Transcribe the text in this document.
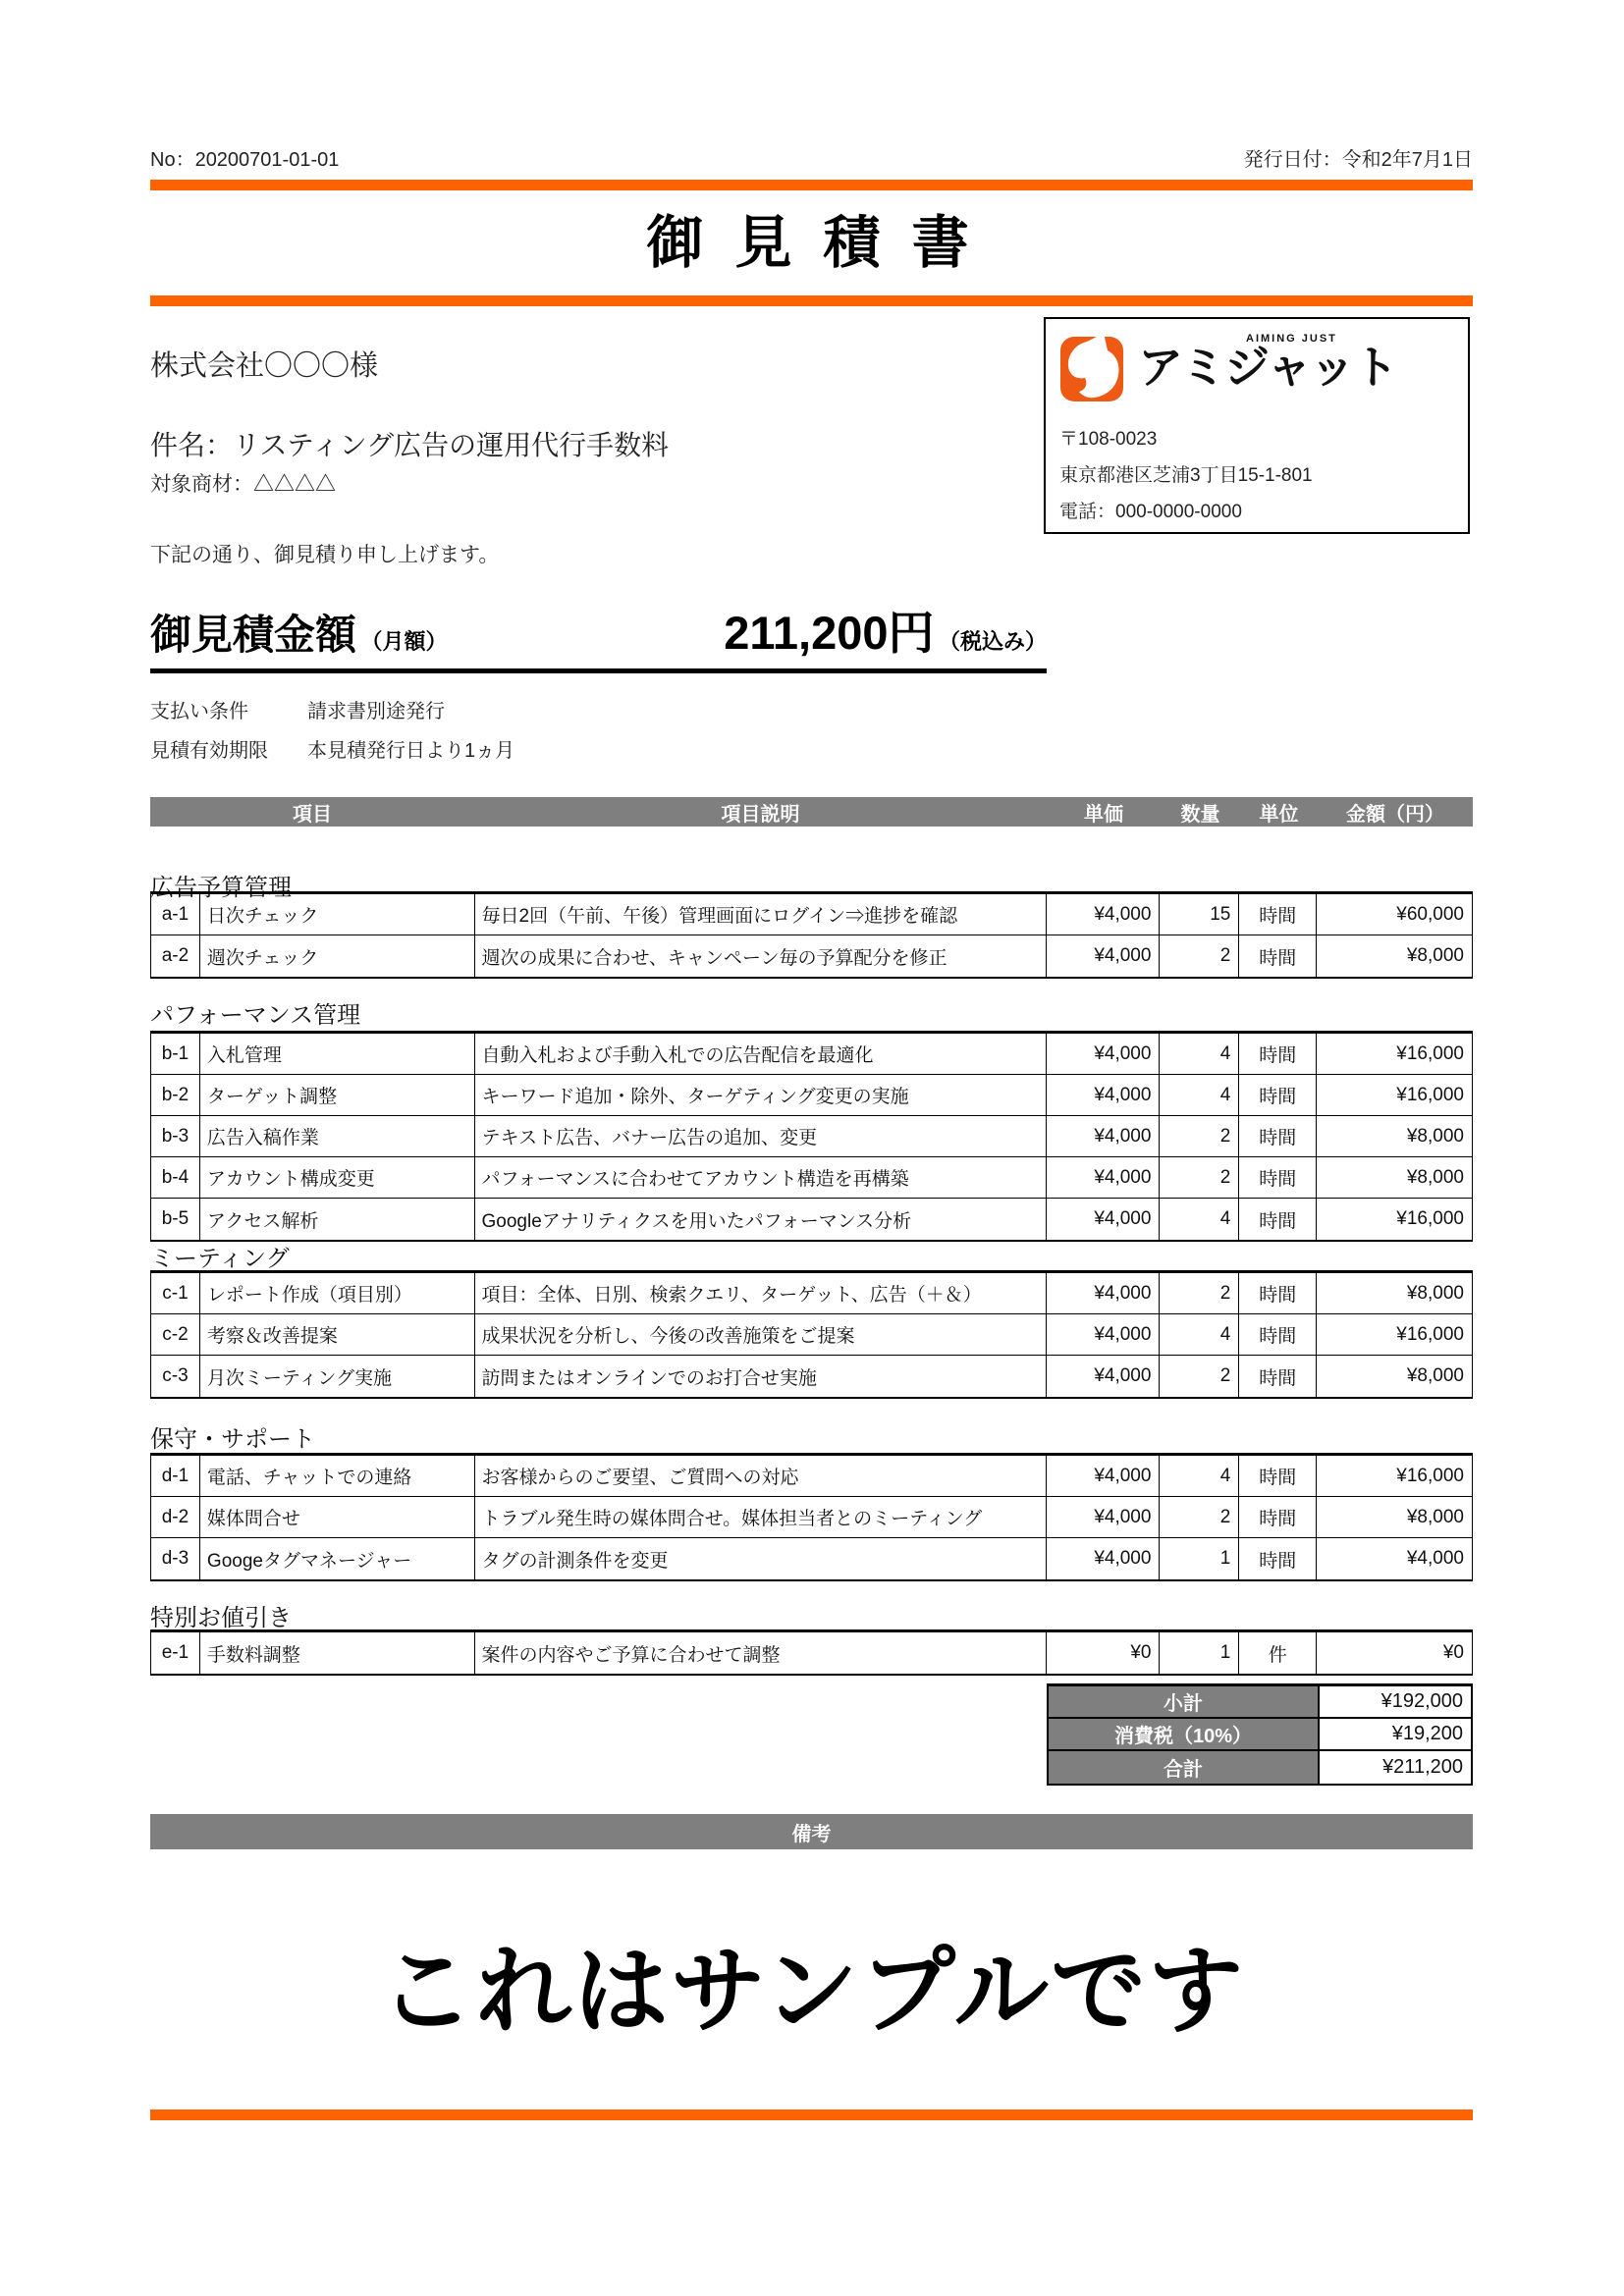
No：20200701-01-01	発行日付：令和2年7月1日
御 見 積 書
株式会社〇〇〇様
件名：リスティング広告の運用代行手数料
対象商材：△△△△
下記の通り、御見積り申し上げます。
AIMING JUST
アミジャット
〒108-0023
東京都港区芝浦3丁目15-1-801
電話：000-0000-0000
御見積金額 （月額）	211,200円 （税込み）
支払い条件	請求書別途発行
見積有効期限	本見積発行日より1ヵ月
項目	項目説明	単価	数量	単位	金額（円）
広告予算管理
a-1 日次チェック	毎日2回（午前、午後）管理画面にログイン⇒進捗を確認	¥4,000	15	時間	¥60,000
a-2 週次チェック	週次の成果に合わせ、キャンペーン毎の予算配分を修正	¥4,000	2	時間	¥8,000
パフォーマンス管理
b-1 入札管理	自動入札および手動入札での広告配信を最適化	¥4,000	4	時間	¥16,000
b-2 ターゲット調整	キーワード追加・除外、ターゲティング変更の実施	¥4,000	4	時間	¥16,000
b-3 広告入稿作業	テキスト広告、バナー広告の追加、変更	¥4,000	2	時間	¥8,000
b-4 アカウント構成変更	パフォーマンスに合わせてアカウント構造を再構築	¥4,000	2	時間	¥8,000
b-5 アクセス解析	Googleアナリティクスを用いたパフォーマンス分析	¥4,000	4	時間	¥16,000
ミーティング
c-1	レポート作成（項目別）	項目：全体、日別、検索クエリ、ターゲット、広告（＋＆）	¥4,000	2	時間	¥8,000
c-2	考察＆改善提案	成果状況を分析し、今後の改善施策をご提案	¥4,000	4	時間	¥16,000
c-3	月次ミーティング実施	訪問またはオンラインでのお打合せ実施	¥4,000	2	時間	¥8,000
保守・サポート
d-1 電話、チャットでの連絡	お客様からのご要望、ご質問への対応	¥4,000	4	時間	¥16,000
d-2 媒体問合せ	トラブル発生時の媒体問合せ。媒体担当者とのミーティング	¥4,000	2	時間	¥8,000
d-3 Googeタグマネージャー	タグの計測条件を変更	¥4,000	1	時間	¥4,000
特別お値引き
e-1 手数料調整	案件の内容やご予算に合わせて調整	¥0	1	件	¥0
小計	¥192,000
消費税（10%）	¥19,200
合計	¥211,200
備考
これはサンプルです
